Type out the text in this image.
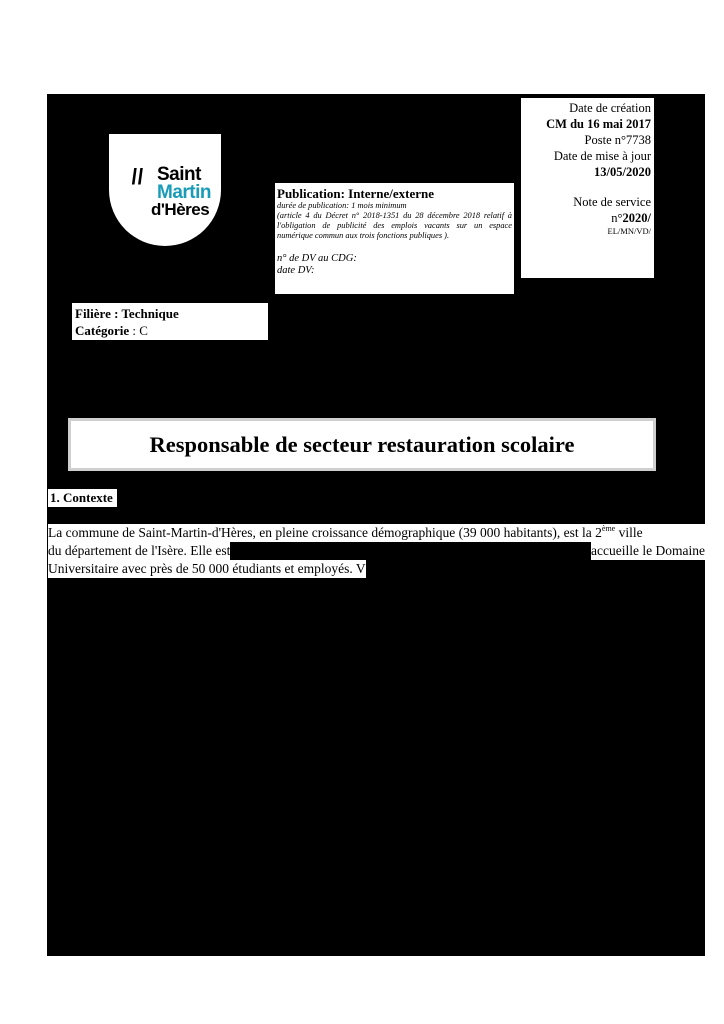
\\ Saint
Martin
d'Hères
Publication: Interne/externe
durée de publication: 1 mois minimum
(article 4 du Décret n° 2018-1351 du 28 décembre 2018 relatif à l'obligation de publicité des emplois vacants sur un espace numérique commun aux trois fonctions publiques ).
n° de DV au CDG:
date DV:
Date de création
CM du 16 mai 2017
Poste n°7738
Date de mise à jour
13/05/2020
Note de service
n°2020/
EL/MN/VD/
Filière : Technique
Catégorie : C
Responsable de secteur restauration scolaire
1. Contexte
La commune de Saint-Martin-d'Hères, en pleine croissance démographique (39 000 habitants), est la 2ème ville
du département de l'Isère. Elle est	accueille le Domaine
Universitaire avec près de 50 000 étudiants et employés. V
